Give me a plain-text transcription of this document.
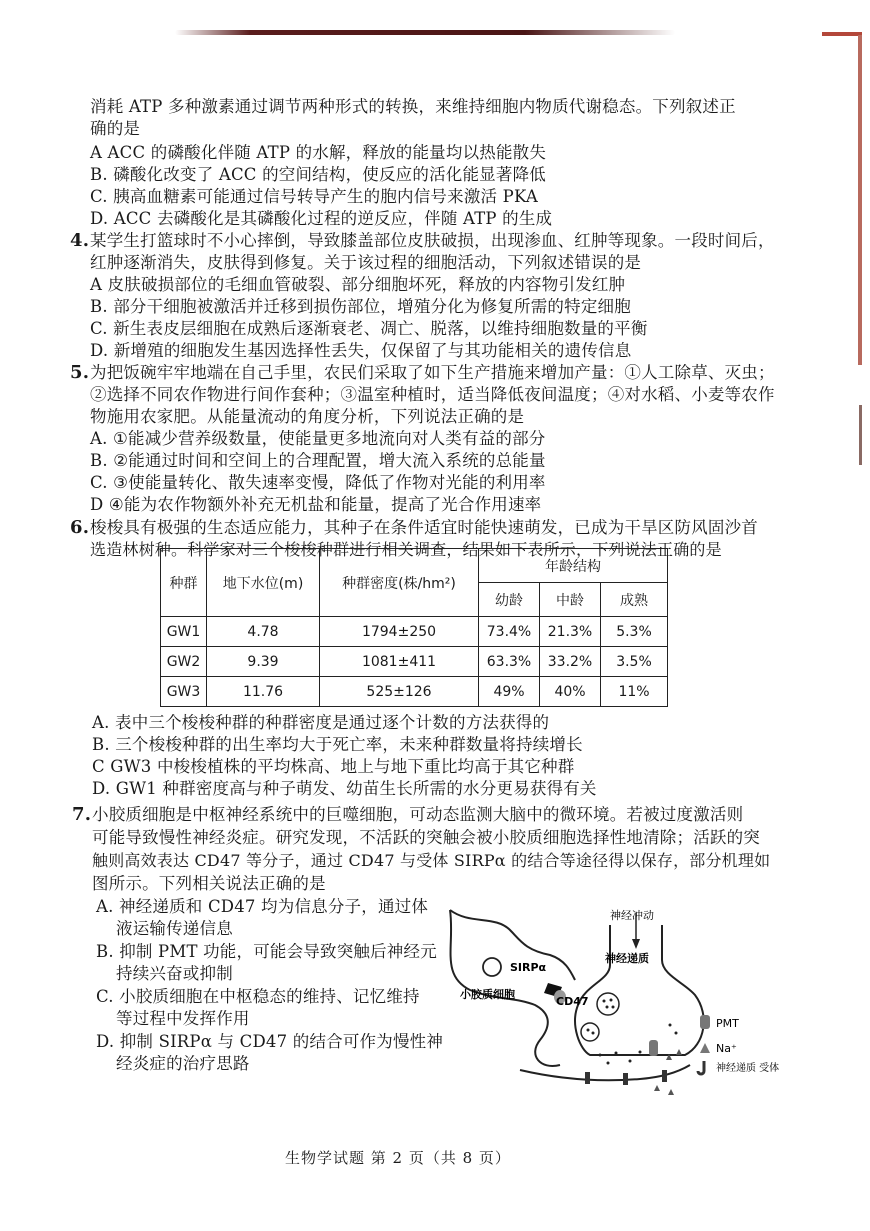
消耗 ATP 多种激素通过调节两种形式的转换，来维持细胞内物质代谢稳态。下列叙述正
确的是
A ACC 的磷酸化伴随 ATP 的水解，释放的能量均以热能散失
B. 磷酸化改变了 ACC 的空间结构，使反应的活化能显著降低
C. 胰高血糖素可能通过信号转导产生的胞内信号来激活 PKA
D. ACC 去磷酸化是其磷酸化过程的逆反应，伴随 ATP 的生成
4. 某学生打篮球时不小心摔倒，导致膝盖部位皮肤破损，出现渗血、红肿等现象。一段时间后，
红肿逐渐消失，皮肤得到修复。关于该过程的细胞活动，下列叙述错误的是
A 皮肤破损部位的毛细血管破裂、部分细胞坏死，释放的内容物引发红肿
B. 部分干细胞被激活并迁移到损伤部位，增殖分化为修复所需的特定细胞
C. 新生表皮层细胞在成熟后逐渐衰老、凋亡、脱落，以维持细胞数量的平衡
D. 新增殖的细胞发生基因选择性丢失，仅保留了与其功能相关的遗传信息
5. 为把饭碗牢牢地端在自己手里，农民们采取了如下生产措施来增加产量：①人工除草、灭虫；
②选择不同农作物进行间作套种；③温室种植时，适当降低夜间温度；④对水稻、小麦等农作
物施用农家肥。从能量流动的角度分析，下列说法正确的是
A. ①能减少营养级数量，使能量更多地流向对人类有益的部分
B. ②能通过时间和空间上的合理配置，增大流入系统的总能量
C. ③使能量转化、散失速率变慢，降低了作物对光能的利用率
D ④能为农作物额外补充无机盐和能量，提高了光合作用速率
6. 梭梭具有极强的生态适应能力，其种子在条件适宜时能快速萌发，已成为干旱区防风固沙首
选造林树种。科学家对三个梭梭种群进行相关调查，结果如下表所示，下列说法正确的是
种群	地下水位(m)	种群密度(株/hm²)	年龄结构		
			幼龄	中龄	成熟
GW1	4.78	1794±250	73.4%	21.3%	5.3%
GW2	9.39	1081±411	63.3%	33.2%	3.5%
GW3	11.76	525±126	49%	40%	11%
A. 表中三个梭梭种群的种群密度是通过逐个计数的方法获得的
B. 三个梭梭种群的出生率均大于死亡率，未来种群数量将持续增长
C GW3 中梭梭植株的平均株高、地上与地下重比均高于其它种群
D. GW1 种群密度高与种子萌发、幼苗生长所需的水分更易获得有关
7. 小胶质细胞是中枢神经系统中的巨噬细胞，可动态监测大脑中的微环境。若被过度激活则
可能导致慢性神经炎症。研究发现，不活跃的突触会被小胶质细胞选择性地清除；活跃的突
触则高效表达 CD47 等分子，通过 CD47 与受体 SIRPα 的结合等途径得以保存，部分机理如
图所示。下列相关说法正确的是
A. 神经递质和 CD47 均为信息分子，通过体
液运输传递信息
B. 抑制 PMT 功能，可能会导致突触后神经元
持续兴奋或抑制
C. 小胶质细胞在中枢稳态的维持、记忆维持
等过程中发挥作用
D. 抑制 SIRPα 与 CD47 的结合可作为慢性神
经炎症的治疗思路
神经冲动
SIRPα
神经递质
小胶质细胞
CD47
PMT
Na⁺
神经递质 受体
生物学试题 第 2 页（共 8 页）
